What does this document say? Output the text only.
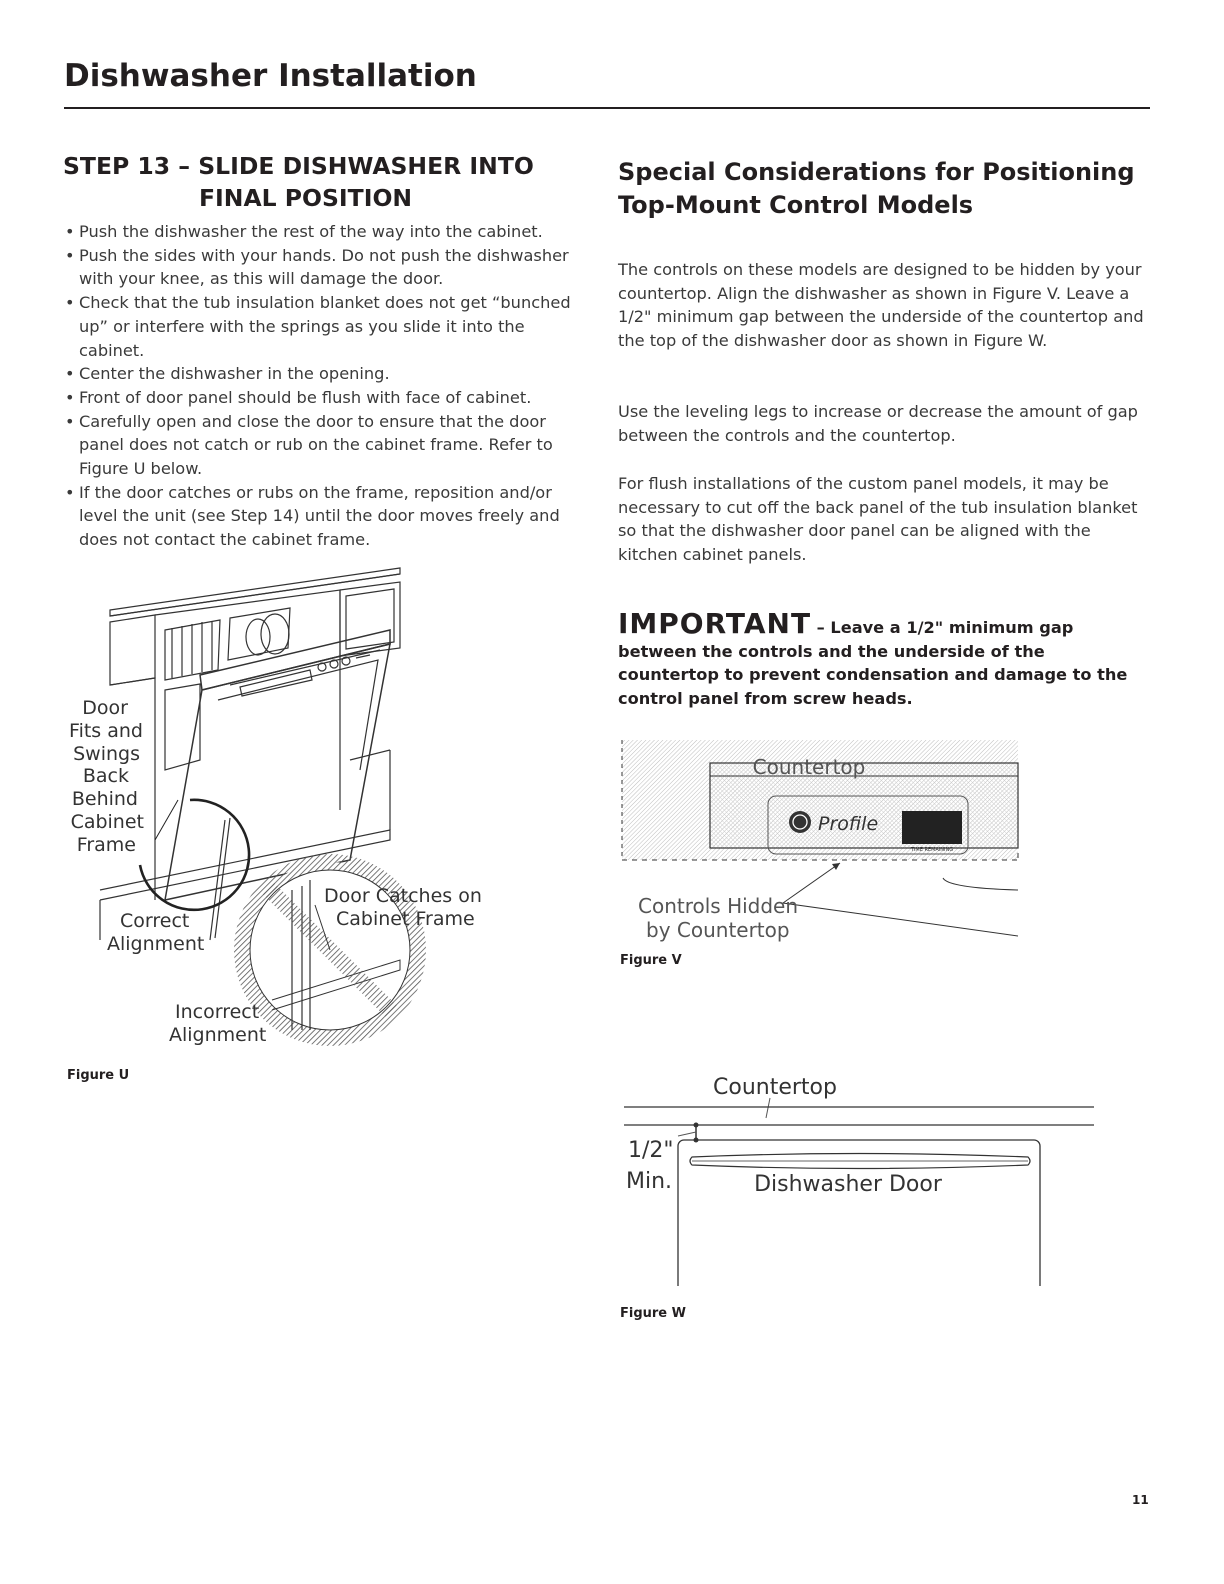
Dishwasher Installation
STEP 13 – SLIDE DISHWASHER INTO
FINAL POSITION
• Push the dishwasher the rest of the way into the cabinet.
• Push the sides with your hands. Do not push the dishwasher with your knee, as this will damage the door.
• Check that the tub insulation blanket does not get “bunched up” or interfere with the springs as you slide it into the cabinet.
• Center the dishwasher in the opening.
• Front of door panel should be flush with face of cabinet.
• Carefully open and close the door to ensure that the door panel does not catch or rub on the cabinet frame. Refer to Figure U below.
• If the door catches or rubs on the frame, reposition and/or level the unit (see Step 14) until the door moves freely and does not contact the cabinet frame.
Door
Fits and
Swings
Back
Behind
Cabinet
Frame
Correct
Alignment
Door Catches on
Cabinet Frame
Incorrect
Alignment
Figure U
Special Considerations for Positioning
Top-Mount Control Models

The controls on these models are designed to be hidden by your countertop. Align the dishwasher as shown in Figure V. Leave a 1/2" minimum gap between the underside of the countertop and the top of the dishwasher door as shown in Figure W.

Use the leveling legs to increase or decrease the amount of gap between the controls and the countertop.

For flush installations of the custom panel models, it may be necessary to cut off the back panel of the tub insulation blanket so that the dishwasher door panel can be aligned with the kitchen cabinet panels.

IMPORTANT – Leave a 1/2" minimum gap between the controls and the underside of the countertop to prevent condensation and damage to the control panel from screw heads.
Profile
TIME REMAINING
Countertop
Controls Hidden
by Countertop
Figure V
Countertop
1/2"
Min.	Dishwasher Door
Figure W
11
